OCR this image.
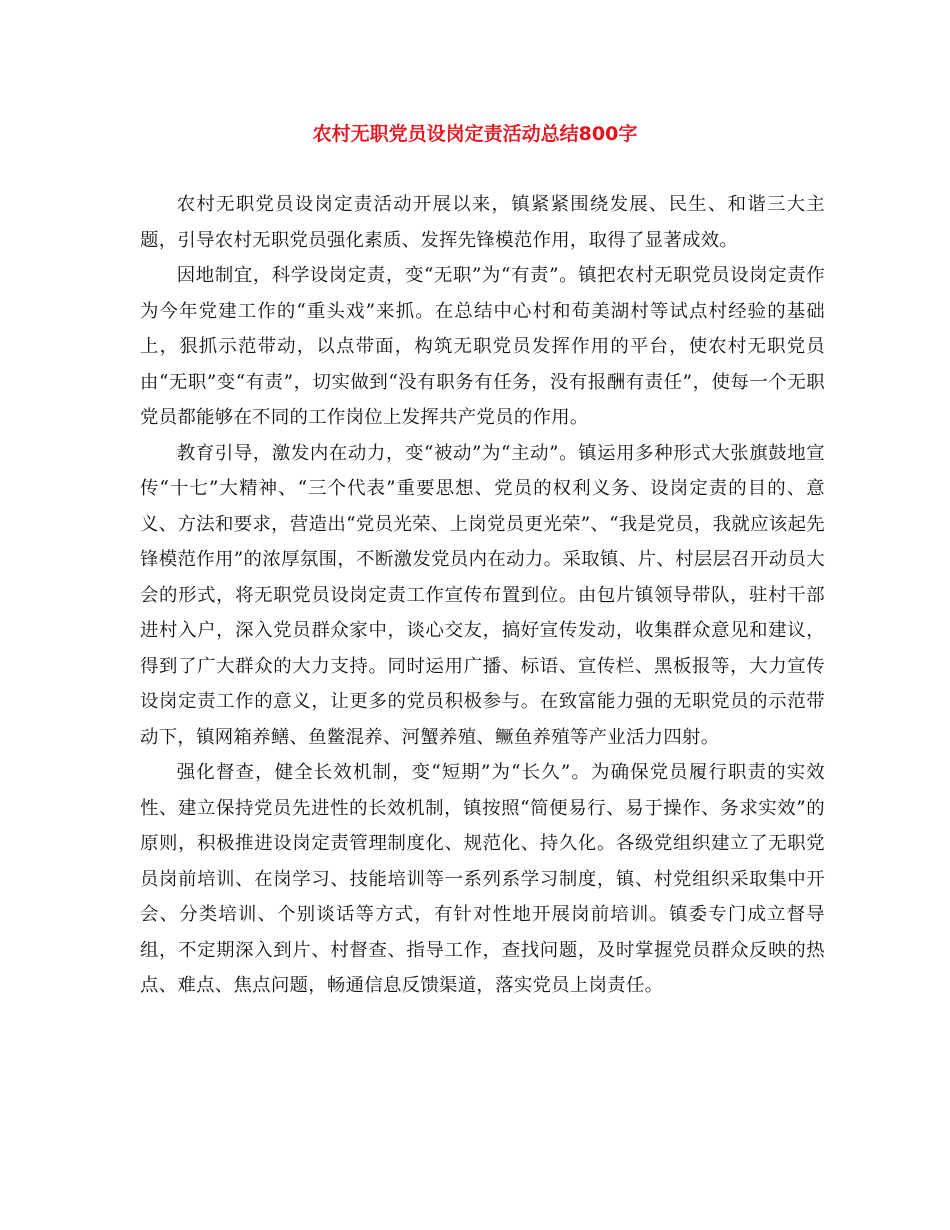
农村无职党员设岗定责活动总结800字

农村无职党员设岗定责活动开展以来，镇紧紧围绕发展、民生、和谐三大主题，引导农村无职党员强化素质、发挥先锋模范作用，取得了显著成效。

因地制宜，科学设岗定责，变“无职”为“有责”。镇把农村无职党员设岗定责作为今年党建工作的“重头戏”来抓。在总结中心村和荀美湖村等试点村经验的基础上，狠抓示范带动，以点带面，构筑无职党员发挥作用的平台，使农村无职党员由“无职”变“有责”，切实做到“没有职务有任务，没有报酬有责任”，使每一个无职党员都能够在不同的工作岗位上发挥共产党员的作用。

教育引导，激发内在动力，变“被动”为“主动”。镇运用多种形式大张旗鼓地宣传“十七”大精神、“三个代表”重要思想、党员的权利义务、设岗定责的目的、意义、方法和要求，营造出“党员光荣、上岗党员更光荣”、“我是党员，我就应该起先锋模范作用”的浓厚氛围，不断激发党员内在动力。采取镇、片、村层层召开动员大会的形式，将无职党员设岗定责工作宣传布置到位。由包片镇领导带队，驻村干部进村入户，深入党员群众家中，谈心交友，搞好宣传发动，收集群众意见和建议，得到了广大群众的大力支持。同时运用广播、标语、宣传栏、黑板报等，大力宣传设岗定责工作的意义，让更多的党员积极参与。在致富能力强的无职党员的示范带动下，镇网箱养鳝、鱼鳖混养、河蟹养殖、鳜鱼养殖等产业活力四射。

强化督查，健全长效机制，变“短期”为“长久”。为确保党员履行职责的实效性、建立保持党员先进性的长效机制，镇按照“简便易行、易于操作、务求实效”的原则，积极推进设岗定责管理制度化、规范化、持久化。各级党组织建立了无职党员岗前培训、在岗学习、技能培训等一系列系学习制度，镇、村党组织采取集中开会、分类培训、个别谈话等方式，有针对性地开展岗前培训。镇委专门成立督导组，不定期深入到片、村督查、指导工作，查找问题，及时掌握党员群众反映的热点、难点、焦点问题，畅通信息反馈渠道，落实党员上岗责任。
